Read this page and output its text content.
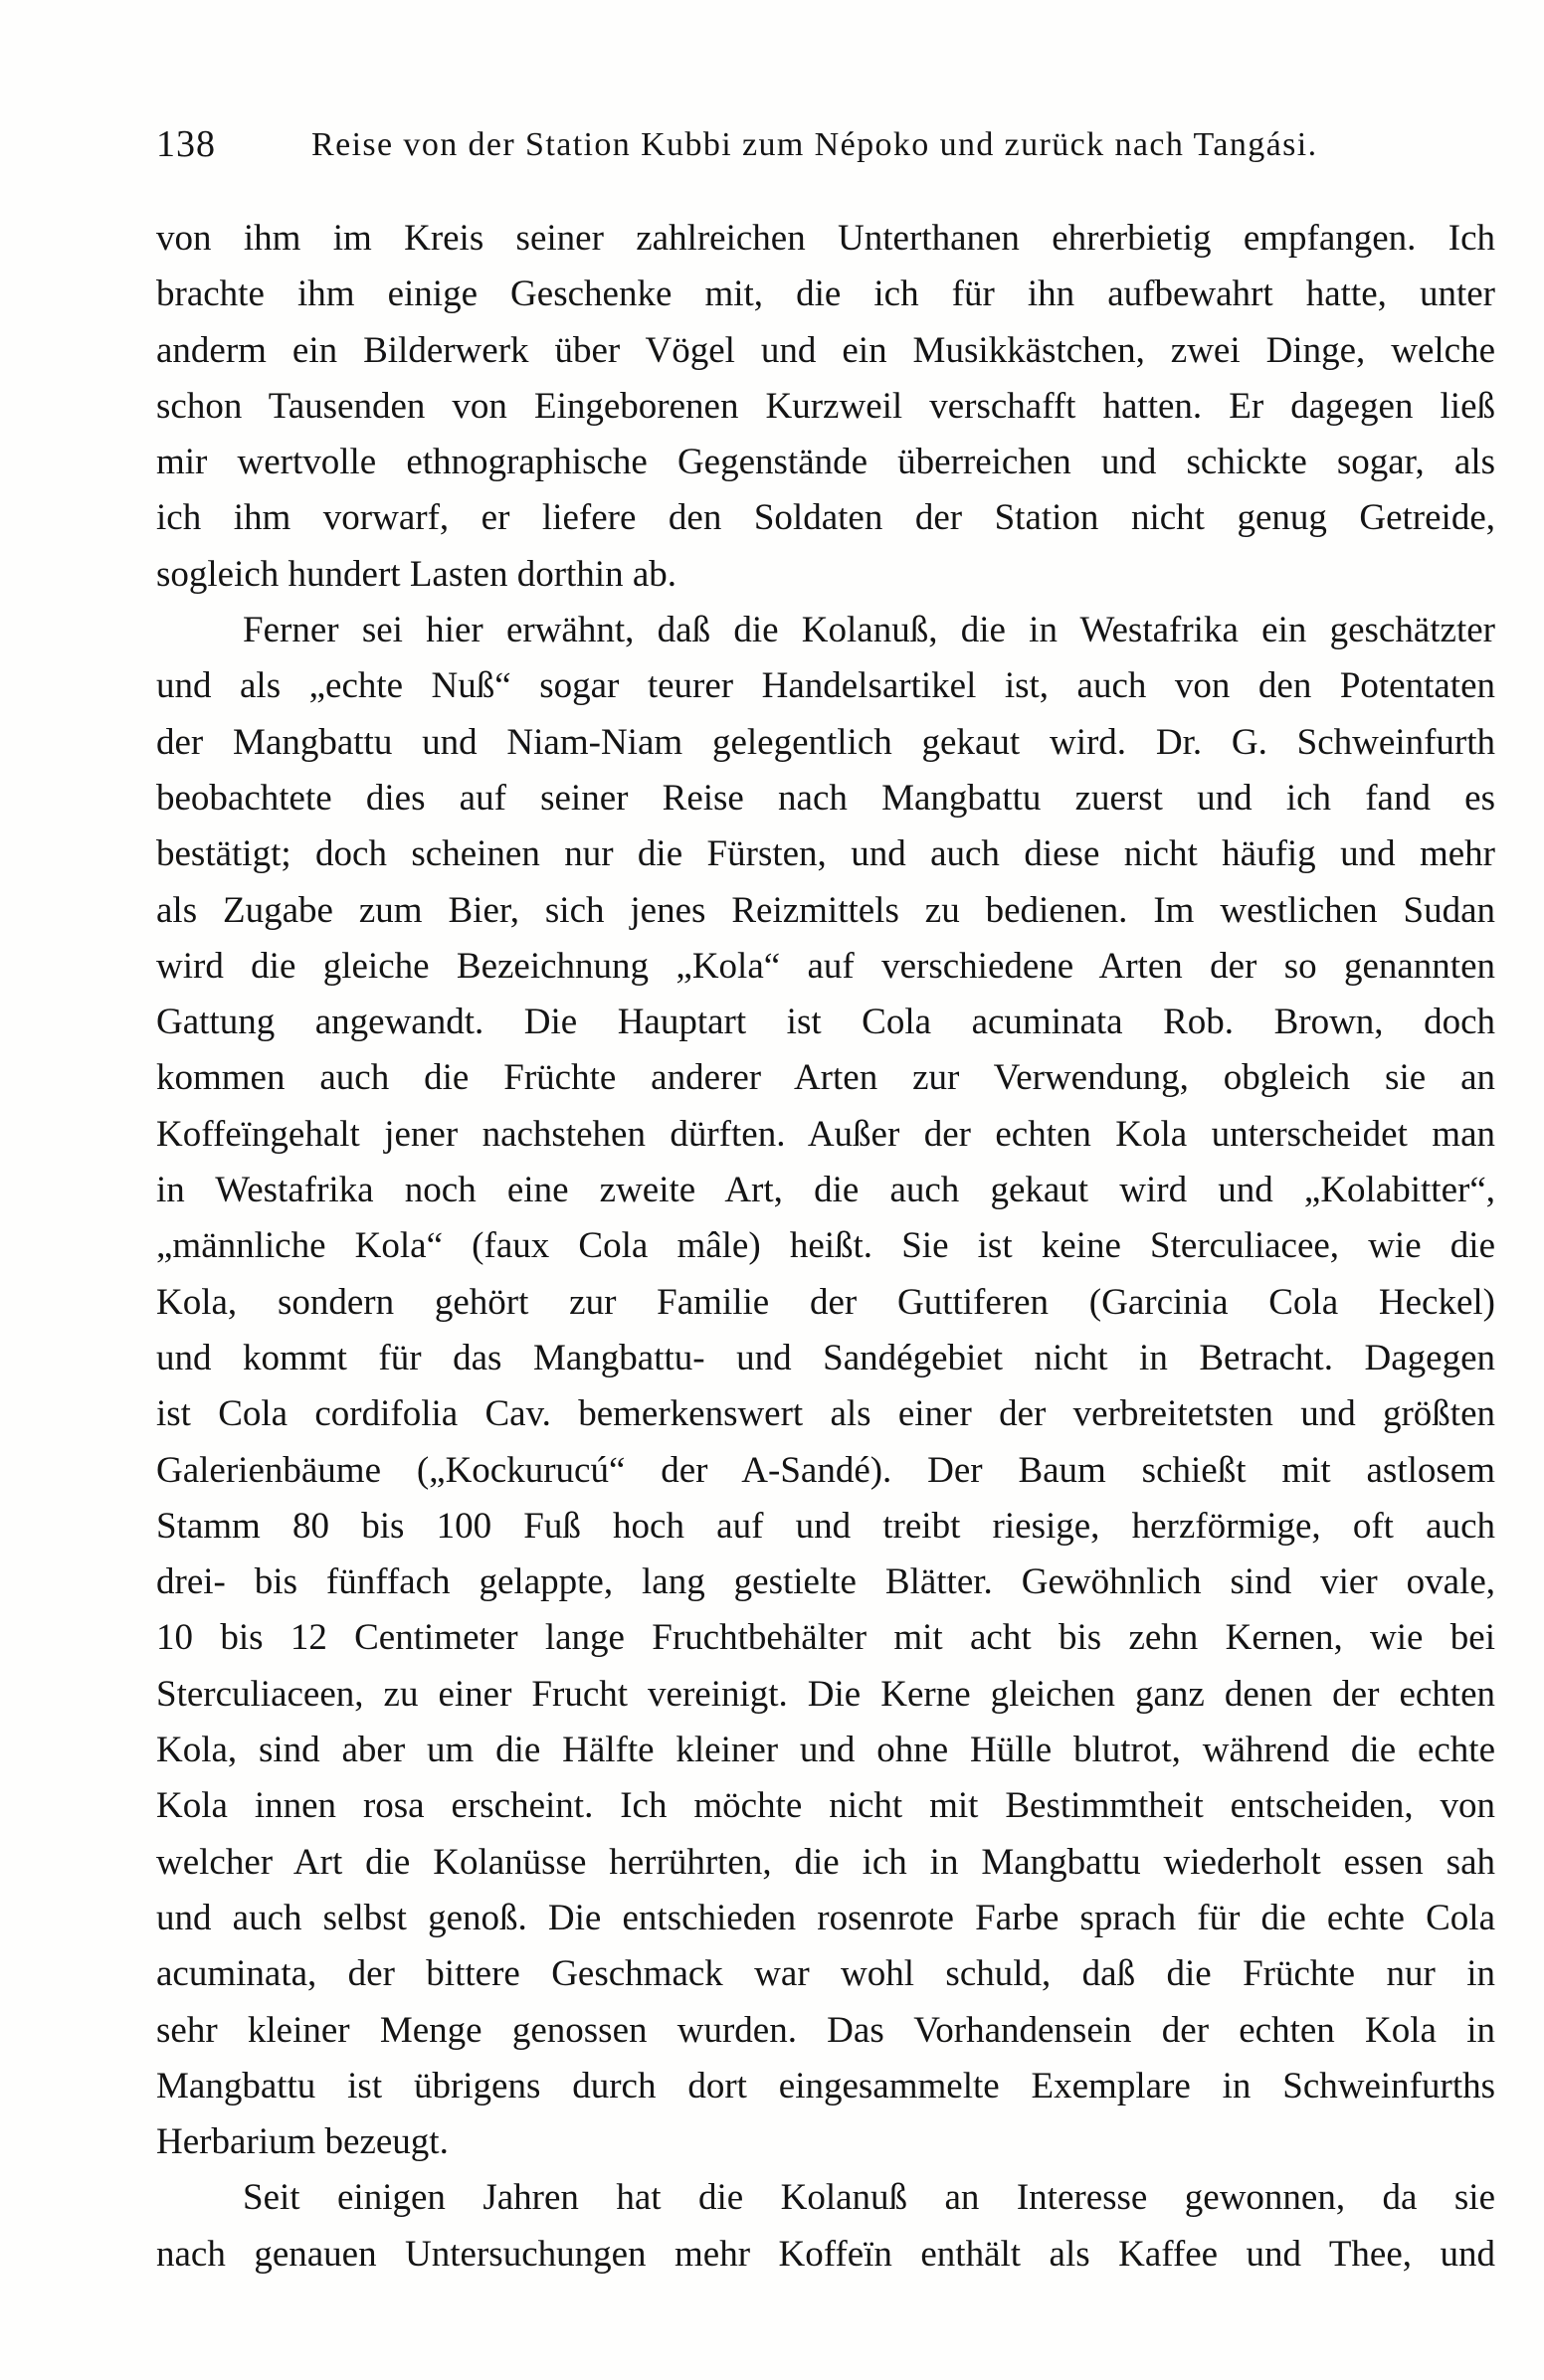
138	Reise von der Station Kubbi zum Népoko und zurück nach Tangási.
von ihm im Kreis seiner zahlreichen Unterthanen ehrerbietig empfangen. Ich
brachte ihm einige Geschenke mit, die ich für ihn aufbewahrt hatte, unter
anderm ein Bilderwerk über Vögel und ein Musikkästchen, zwei Dinge, welche
schon Tausenden von Eingeborenen Kurzweil verschafft hatten. Er dagegen ließ
mir wertvolle ethnographische Gegenstände überreichen und schickte sogar, als
ich ihm vorwarf, er liefere den Soldaten der Station nicht genug Getreide,
sogleich hundert Lasten dorthin ab.
Ferner sei hier erwähnt, daß die Kolanuß, die in Westafrika ein geschätzter
und als „echte Nuß“ sogar teurer Handelsartikel ist, auch von den Potentaten
der Mangbattu und Niam-Niam gelegentlich gekaut wird. Dr. G. Schweinfurth
beobachtete dies auf seiner Reise nach Mangbattu zuerst und ich fand es
bestätigt; doch scheinen nur die Fürsten, und auch diese nicht häufig und mehr
als Zugabe zum Bier, sich jenes Reizmittels zu bedienen. Im westlichen Sudan
wird die gleiche Bezeichnung „Kola“ auf verschiedene Arten der so genannten
Gattung angewandt. Die Hauptart ist Cola acuminata Rob. Brown, doch
kommen auch die Früchte anderer Arten zur Verwendung, obgleich sie an
Koffeïngehalt jener nachstehen dürften. Außer der echten Kola unterscheidet man
in Westafrika noch eine zweite Art, die auch gekaut wird und „Kolabitter“,
„männliche Kola“ (faux Cola mâle) heißt. Sie ist keine Sterculiacee, wie die
Kola, sondern gehört zur Familie der Guttiferen (Garcinia Cola Heckel)
und kommt für das Mangbattu- und Sandégebiet nicht in Betracht. Dagegen
ist Cola cordifolia Cav. bemerkenswert als einer der verbreitetsten und größten
Galerienbäume („Kockurucú“ der A-Sandé). Der Baum schießt mit astlosem
Stamm 80 bis 100 Fuß hoch auf und treibt riesige, herzförmige, oft auch
drei- bis fünffach gelappte, lang gestielte Blätter. Gewöhnlich sind vier ovale,
10 bis 12 Centimeter lange Fruchtbehälter mit acht bis zehn Kernen, wie bei
Sterculiaceen, zu einer Frucht vereinigt. Die Kerne gleichen ganz denen der echten
Kola, sind aber um die Hälfte kleiner und ohne Hülle blutrot, während die echte
Kola innen rosa erscheint. Ich möchte nicht mit Bestimmtheit entscheiden, von
welcher Art die Kolanüsse herrührten, die ich in Mangbattu wiederholt essen sah
und auch selbst genoß. Die entschieden rosenrote Farbe sprach für die echte Cola
acuminata, der bittere Geschmack war wohl schuld, daß die Früchte nur in
sehr kleiner Menge genossen wurden. Das Vorhandensein der echten Kola in
Mangbattu ist übrigens durch dort eingesammelte Exemplare in Schweinfurths
Herbarium bezeugt.
Seit einigen Jahren hat die Kolanuß an Interesse gewonnen, da sie
nach genauen Untersuchungen mehr Koffeïn enthält als Kaffee und Thee, und
